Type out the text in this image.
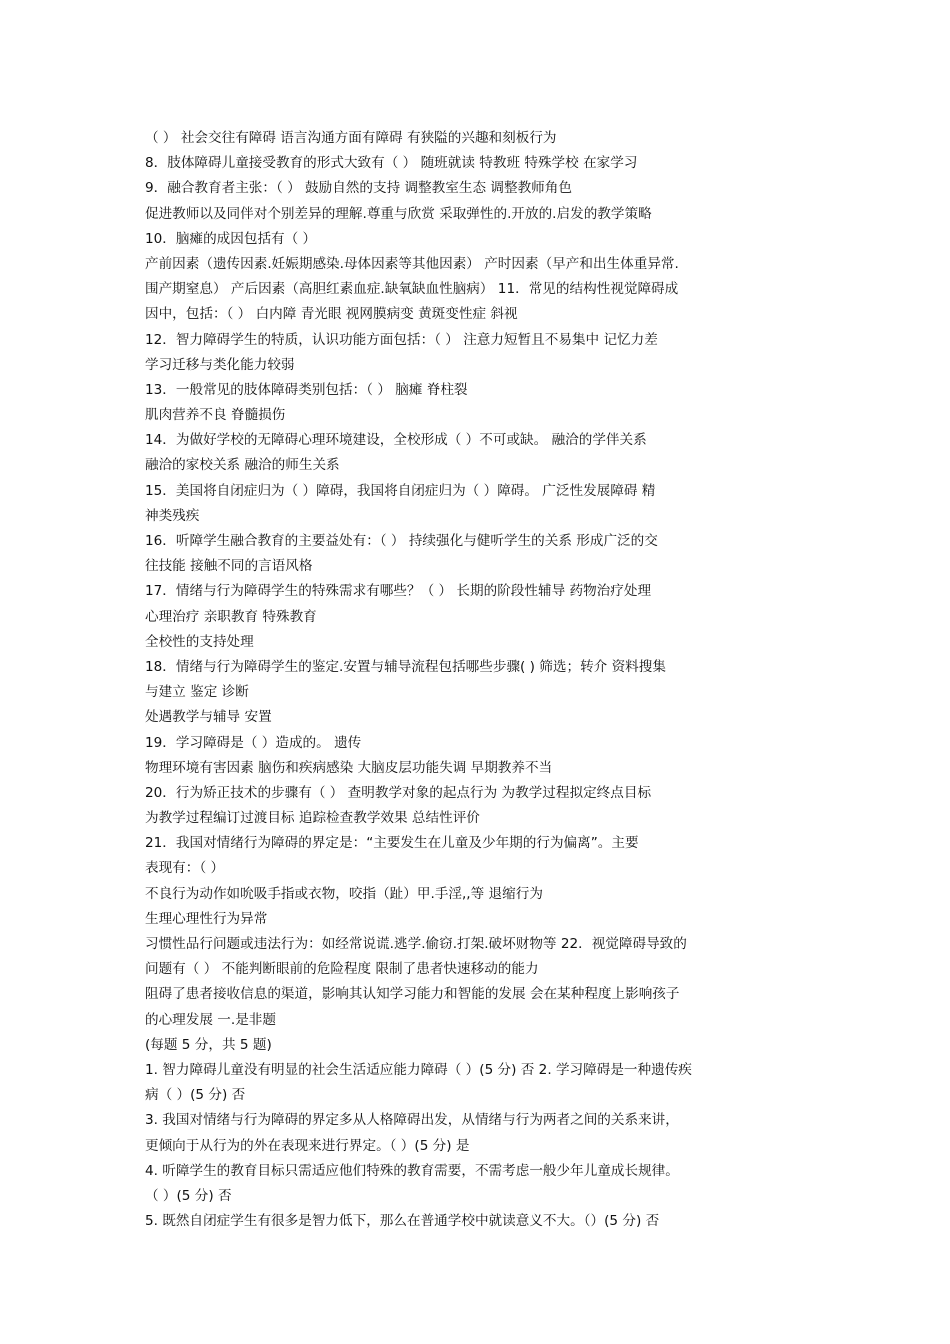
（ ） 社会交往有障碍 语言沟通方面有障碍 有狭隘的兴趣和刻板行为
8．肢体障碍儿童接受教育的形式大致有（ ） 随班就读 特教班 特殊学校 在家学习
9．融合教育者主张：（ ） 鼓励自然的支持 调整教室生态 调整教师角色
促进教师以及同伴对个别差异的理解.尊重与欣赏 采取弹性的.开放的.启发的教学策略
10．脑瘫的成因包括有（ ）
产前因素（遗传因素.妊娠期感染.母体因素等其他因素） 产时因素（早产和出生体重异常.
围产期窒息） 产后因素（高胆红素血症.缺氧缺血性脑病） 11．常见的结构性视觉障碍成
因中，包括：（ ） 白内障 青光眼 视网膜病变 黄斑变性症 斜视
12．智力障碍学生的特质，认识功能方面包括：（ ） 注意力短暂且不易集中 记忆力差
学习迁移与类化能力较弱
13．一般常见的肢体障碍类别包括：（ ） 脑瘫 脊柱裂
肌肉营养不良 脊髓损伤
14．为做好学校的无障碍心理环境建设，全校形成（ ）不可或缺。 融洽的学伴关系
融洽的家校关系 融洽的师生关系
15．美国将自闭症归为（ ）障碍，我国将自闭症归为（ ）障碍。 广泛性发展障碍 精
神类残疾
16．听障学生融合教育的主要益处有：（ ） 持续强化与健听学生的关系 形成广泛的交
往技能 接触不同的言语风格
17．情绪与行为障碍学生的特殊需求有哪些？（ ） 长期的阶段性辅导 药物治疗处理
心理治疗 亲职教育 特殊教育
全校性的支持处理
18．情绪与行为障碍学生的鉴定.安置与辅导流程包括哪些步骤( ) 筛选；转介 资料搜集
与建立 鉴定 诊断
处遇教学与辅导 安置
19．学习障碍是（ ）造成的。 遗传
物理环境有害因素 脑伤和疾病感染 大脑皮层功能失调 早期教养不当
20．行为矫正技术的步骤有（ ） 查明教学对象的起点行为 为教学过程拟定终点目标
为教学过程编订过渡目标 追踪检查教学效果 总结性评价
21．我国对情绪行为障碍的界定是：“主要发生在儿童及少年期的行为偏离”。主要
表现有：（ ）
不良行为动作如吮吸手指或衣物，咬指（趾）甲.手淫,,等 退缩行为
生理心理性行为异常
习惯性品行问题或违法行为：如经常说谎.逃学.偷窃.打架.破坏财物等 22．视觉障碍导致的
问题有（ ） 不能判断眼前的危险程度 限制了患者快速移动的能力
阻碍了患者接收信息的渠道，影响其认知学习能力和智能的发展 会在某种程度上影响孩子
的心理发展 一.是非题
(每题 5 分，共 5 题)
1. 智力障碍儿童没有明显的社会生活适应能力障碍（ ）(5 分) 否 2. 学习障碍是一种遗传疾
病（ ）(5 分) 否
3. 我国对情绪与行为障碍的界定多从人格障碍出发，从情绪与行为两者之间的关系来讲，
更倾向于从行为的外在表现来进行界定。（ ）(5 分) 是
4. 听障学生的教育目标只需适应他们特殊的教育需要，不需考虑一般少年儿童成长规律。
（ ）(5 分) 否
5. 既然自闭症学生有很多是智力低下，那么在普通学校中就读意义不大。（）(5 分) 否
